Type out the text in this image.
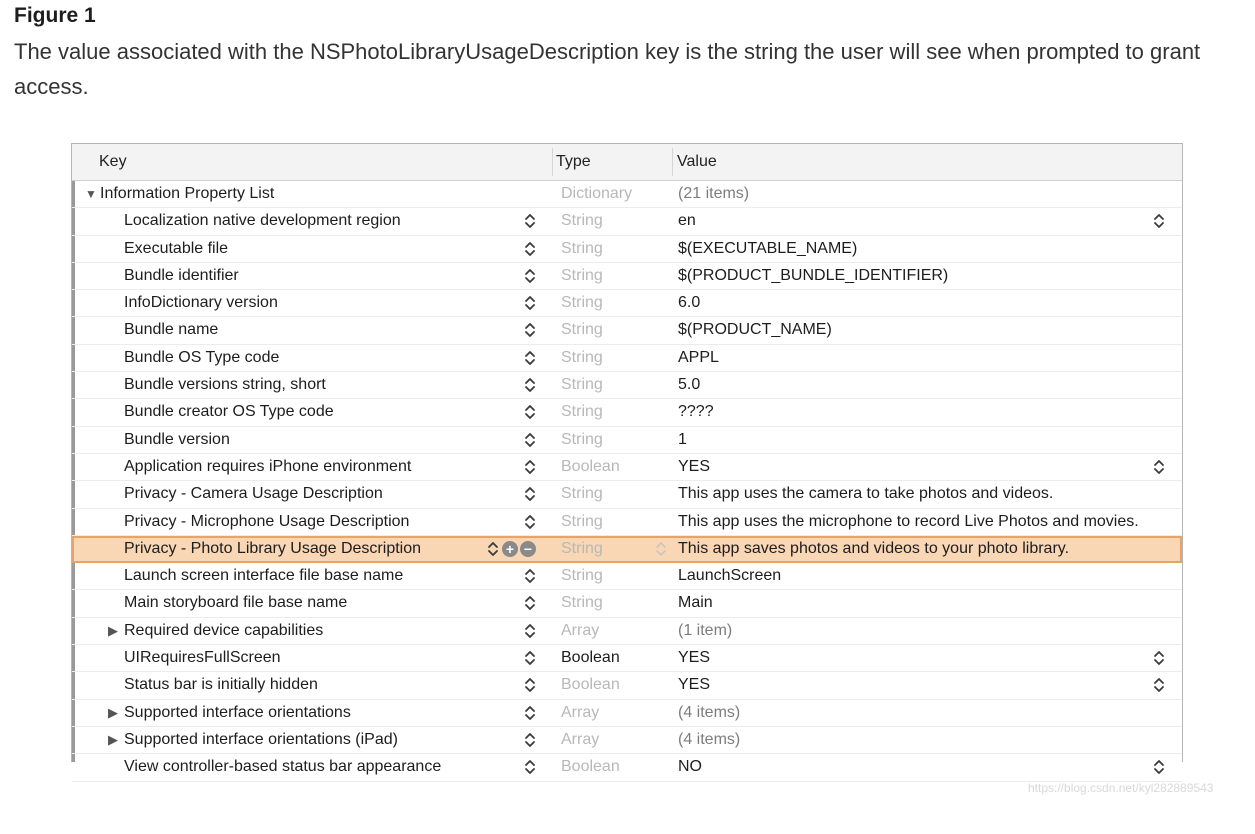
Figure 1
The value associated with the NSPhotoLibraryUsageDescription key is the string the user will see when prompted to grant access.
Key	Type	Value
▼ Information Property List	Dictionary	(21 items)
Localization native development region	String	en
Executable file	String	$(EXECUTABLE_NAME)
Bundle identifier	String	$(PRODUCT_BUNDLE_IDENTIFIER)
InfoDictionary version	String	6.0
Bundle name	String	$(PRODUCT_NAME)
Bundle OS Type code	String	APPL
Bundle versions string, short	String	5.0
Bundle creator OS Type code	String	????
Bundle version	String	1
Application requires iPhone environment	Boolean	YES
Privacy - Camera Usage Description	String	This app uses the camera to take photos and videos.
Privacy - Microphone Usage Description	String	This app uses the microphone to record Live Photos and movies.
Privacy - Photo Library Usage Description	+ − String	This app saves photos and videos to your photo library.
Launch screen interface file base name	String	LaunchScreen
Main storyboard file base name	String	Main
▶ Required device capabilities	Array	(1 item)
UIRequiresFullScreen	Boolean	YES
Status bar is initially hidden	Boolean	YES
▶ Supported interface orientations	Array	(4 items)
▶ Supported interface orientations (iPad)	Array	(4 items)
View controller-based status bar appearance	Boolean	NO
https://blog.csdn.net/kyl282889543
